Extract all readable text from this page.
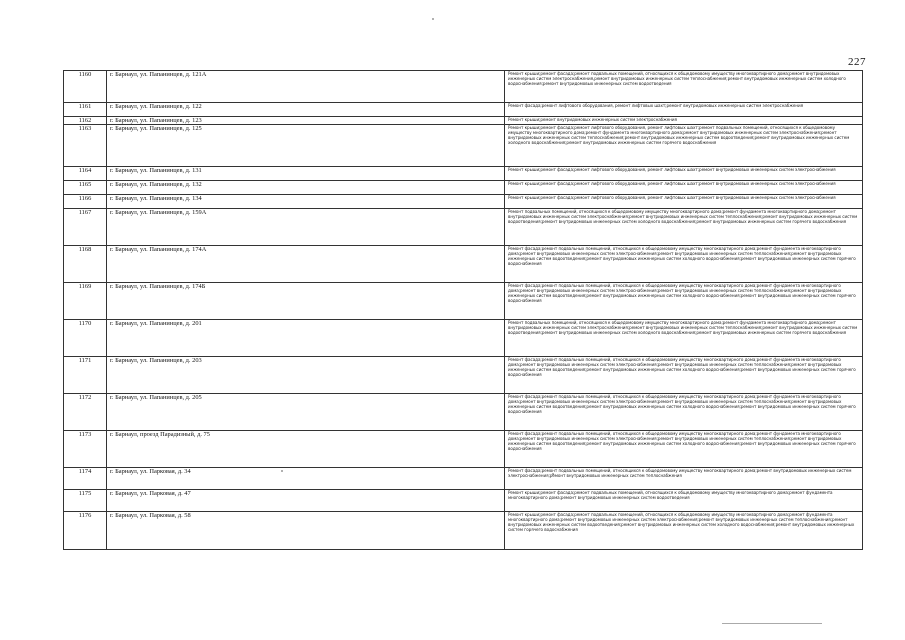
227
1160	г. Барнаул, ул. Папанинцев, д. 121А	Ремонт крыши;ремонт фасада;ремонт подвальных помещений, относящихся к общедомовому имуществу многоквартирного дома;ремонт внутридомовых инженерных систем электроснабжения,ремонт внутридомовых инженерных систем теплоснабжения;ремонт внутридомовых инженерных систем холодного водоснабжения;ремонт внутридомовых инженерных систем водоотведения
1161	г. Барнаул, ул. Папанинцев, д. 122	Ремонт фасада;ремонт лифтового оборудования, ремонт лифтовых шахт;ремонт внутридомовых инженерных систем электроснабжения
1162	г. Барнаул, ул. Папанинцев, д. 123	Ремонт крыши;ремонт внутридомовых инженерных систем электроснабжения
1163	г. Барнаул, ул. Папанинцев, д. 125	Ремонт крыши;ремонт фасада;ремонт лифтового оборудования, ремонт лифтовых шахт;ремонт подвальных помещений, относящихся к общедомовому имуществу многоквартирного дома;ремонт фундамента многоквартирного дома;ремонт внутридомовых инженерных систем электроснабжения;ремонт внутридомовых инженерных систем теплоснабжения;ремонт внутридомовых инженерных систем водоотведения;ремонт внутридомовых инженерных систем холодного водоснабжения;ремонт внутридомовых инженерных систем горячего водоснабжения
1164	г. Барнаул, ул. Папанинцев, д. 131	Ремонт крыши;ремонт фасада;ремонт лифтового оборудования, ремонт лифтовых шахт;ремонт внутридомовых инженерных систем электроснабжения
1165	г. Барнаул, ул. Папанинцев, д. 132	Ремонт крыши;ремонт фасада;ремонт лифтового оборудования, ремонт лифтовых шахт;ремонт внутридомовых инженерных систем электроснабжения
1166	г. Барнаул, ул. Папанинцев, д. 134	Ремонт крыши;ремонт фасада;ремонт лифтового оборудования, ремонт лифтовых шахт;ремонт внутридомовых инженерных систем электроснабжения
1167	г. Барнаул, ул. Папанинцев, д. 159А	Ремонт подвальных помещений, относящихся к общедомовому имуществу многоквартирного дома;ремонт фундамента многоквартирного дома;ремонт внутридомовых инженерных систем электроснабжения;ремонт внутридомовых инженерных систем теплоснабжения;ремонт внутридомовых инженерных систем водоотведения;ремонт внутридомовых инженерных систем холодного водоснабжения;ремонт внутридомовых инженерных систем горячего водоснабжения
1168	г. Барнаул, ул. Папанинцев, д. 174А	Ремонт фасада;ремонт подвальных помещений, относящихся к общедомовому имуществу многоквартирного дома;ремонт фундамента многоквартирного дома;ремонт внутридомовых инженерных систем электроснабжения;ремонт внутридомовых инженерных систем теплоснабжения;ремонт внутридомовых инженерных систем водоотведения;ремонт внутридомовых инженерных систем холодного водоснабжения;ремонт внутридомовых инженерных систем горячего водоснабжения
1169	г. Барнаул, ул. Папанинцев, д. 174Б	Ремонт фасада;ремонт подвальных помещений, относящихся к общедомовому имуществу многоквартирного дома;ремонт фундамента многоквартирного дома;ремонт внутридомовых инженерных систем электроснабжения;ремонт внутридомовых инженерных систем теплоснабжения;ремонт внутридомовых инженерных систем водоотведения;ремонт внутридомовых инженерных систем холодного водоснабжения;ремонт внутридомовых инженерных систем горячего водоснабжения
1170	г. Барнаул, ул. Папанинцев, д. 201	Ремонт подвальных помещений, относящихся к общедомовому имуществу многоквартирного дома;ремонт фундамента многоквартирного дома;ремонт внутридомовых инженерных систем электроснабжения;ремонт внутридомовых инженерных систем теплоснабжения;ремонт внутридомовых инженерных систем водоотведения;ремонт внутридомовых инженерных систем холодного водоснабжения;ремонт внутридомовых инженерных систем горячего водоснабжения
1171	г. Барнаул, ул. Папанинцев, д. 203	Ремонт фасада;ремонт подвальных помещений, относящихся к общедомовому имуществу многоквартирного дома;ремонт фундамента многоквартирного дома;ремонт внутридомовых инженерных систем электроснабжения;ремонт внутридомовых инженерных систем теплоснабжения;ремонт внутридомовых инженерных систем водоотведения;ремонт внутридомовых инженерных систем холодного водоснабжения;ремонт внутридомовых инженерных систем горячего водоснабжения
1172	г. Барнаул, ул. Папанинцев, д. 205	Ремонт фасада;ремонт подвальных помещений, относящихся к общедомовому имуществу многоквартирного дома;ремонт фундамента многоквартирного дома;ремонт внутридомовых инженерных систем электроснабжения;ремонт внутридомовых инженерных систем теплоснабжения;ремонт внутридомовых инженерных систем водоотведения;ремонт внутридомовых инженерных систем холодного водоснабжения;ремонт внутридомовых инженерных систем горячего водоснабжения
1173	г. Барнаул, проезд Парадизный, д. 75	Ремонт фасада;ремонт подвальных помещений, относящихся к общедомовому имуществу многоквартирного дома;ремонт фундамента многоквартирного дома;ремонт внутридомовых инженерных систем электроснабжения;ремонт внутридомовых инженерных систем теплоснабжения;ремонт внутридомовых инженерных систем водоотведения;ремонт внутридомовых инженерных систем холодного водоснабжения;ремонт внутридомовых инженерных систем горячего водоснабжения
1174	г. Барнаул, ул. Парковая, д. 34	Ремонт фасада;ремонт подвальных помещений, относящихся к общедомовому имуществу многоквартирного дома;ремонт внутридомовых инженерных систем электроснабжения;ремонт внутридомовых инженерных систем теплоснабжения
1175	г. Барнаул, ул. Парковая, д. 47	Ремонт крыши;ремонт фасада;ремонт подвальных помещений, относящихся к общедомовому имуществу многоквартирного дома;ремонт фундамента многоквартирного дома;ремонт внутридомовых инженерных систем водоотведения
1176	г. Барнаул, ул. Парковая, д. 58	Ремонт крыши;ремонт фасада;ремонт подвальных помещений, относящихся к общедомовому имуществу многоквартирного дома;ремонт фундамента многоквартирного дома;ремонт внутридомовых инженерных систем электроснабжения;ремонт внутридомовых инженерных систем теплоснабжения;ремонт внутридомовых инженерных систем водоотведения;ремонт внутридомовых инженерных систем холодного водоснабжения;ремонт внутридомовых инженерных систем горячего водоснабжения
